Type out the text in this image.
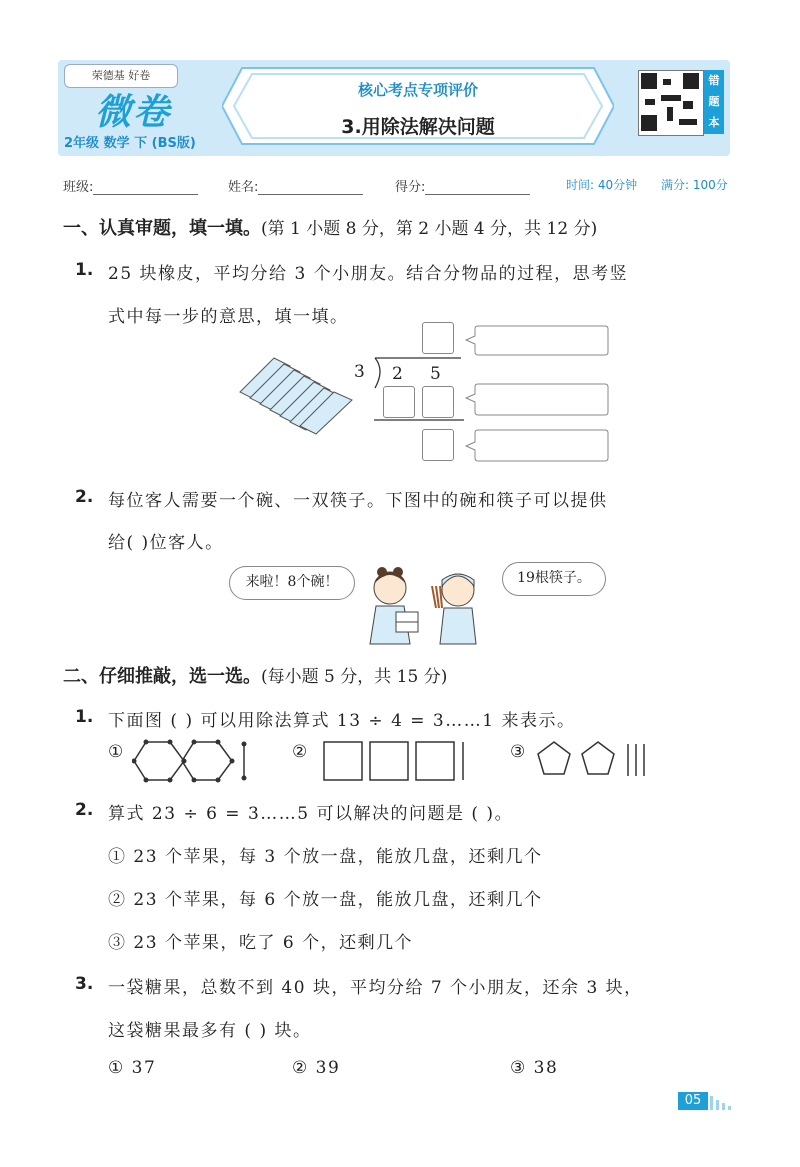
荣德基 好卷
微卷
2年级 数学 下 (BS版)
核心考点专项评价
3.用除法解决问题
错题本
班级:	姓名:	得分:	时间: 40分钟 满分: 100分
一、认真审题，填一填。(第 1 小题 8 分，第 2 小题 4 分，共 12 分)
1. 25 块橡皮，平均分给 3 个小朋友。结合分物品的过程，思考竖
式中每一步的意思，填一填。
3 2 5
2. 每位客人需要一个碗、一双筷子。下图中的碗和筷子可以提供
给( )位客人。
来啦！8个碗！	19根筷子。
二、仔细推敲，选一选。(每小题 5 分，共 15 分)
1. 下面图 ( ) 可以用除法算式 13 ÷ 4 = 3……1 来表示。
①	②	③
2. 算式 23 ÷ 6 = 3……5 可以解决的问题是 ( )。
① 23 个苹果，每 3 个放一盘，能放几盘，还剩几个
② 23 个苹果，每 6 个放一盘，能放几盘，还剩几个
③ 23 个苹果，吃了 6 个，还剩几个
3. 一袋糖果，总数不到 40 块，平均分给 7 个小朋友，还余 3 块，
这袋糖果最多有 ( ) 块。
① 37	② 39	③ 38
05
